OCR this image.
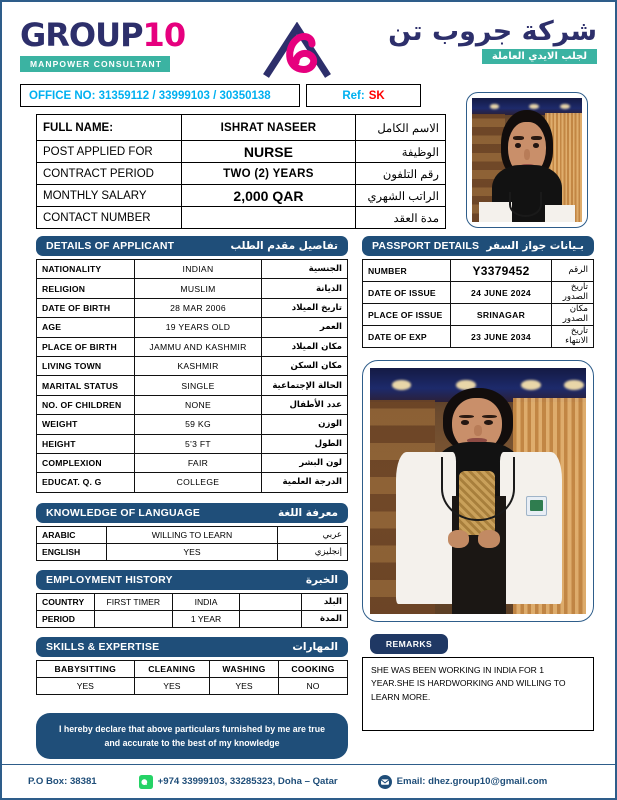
GROUP10
MANPOWER CONSULTANT
شركة جروب تن
لجلب الايدي العاملة
OFFICE NO: 31359112 / 33999103 / 30350138	Ref: SK
FULL NAME:	ISHRAT NASEER	الاسم الكامل
POST APPLIED FOR	NURSE	الوظيفة
CONTRACT PERIOD	TWO (2) YEARS	رقم التلفون
MONTHLY SALARY	2,000 QAR	الراتب الشهري
CONTACT NUMBER		مدة العقد
DETAILS OF APPLICANT	تفاصيل مقدم الطلب
NATIONALITY	INDIAN	الجنسية
RELIGION	MUSLIM	الديانة
DATE OF BIRTH	28 MAR 2006	تاريخ الميلاد
AGE	19 YEARS OLD	العمر
PLACE OF BIRTH	JAMMU AND KASHMIR	مكان الميلاد
LIVING TOWN	KASHMIR	مكان السكن
MARITAL STATUS	SINGLE	الحالة الإجتماعية
NO. OF CHILDREN	NONE	عدد الأطفال
WEIGHT	59 KG	الوزن
HEIGHT	5'3 FT	الطول
COMPLEXION	FAIR	لون البشر
EDUCAT. Q. G	COLLEGE	الدرجة العلمية
KNOWLEDGE OF LANGUAGE	معرفة اللغة
ARABIC	WILLING TO LEARN	عربي
ENGLISH	YES	إنجليزي
EMPLOYMENT HISTORY	الخبرة
COUNTRY	FIRST TIMER	INDIA		البلد
PERIOD		1 YEAR		المدة
SKILLS & EXPERTISE	المهارات
BABYSITTING	CLEANING	WASHING	COOKING
YES	YES	YES	NO
I hereby declare that above particulars furnished by me are true and accurate to the best of my knowledge
PASSPORT DETAILS بـيانات جواز السفر
NUMBER	Y3379452	الرقم
DATE OF ISSUE	24 JUNE 2024	تاريخ الصدور
PLACE OF ISSUE	SRINAGAR	مكان الصدور
DATE OF EXP	23 JUNE 2034	تاريخ الانتهاء
REMARKS
SHE WAS BEEN WORKING IN INDIA FOR 1 YEAR.SHE IS HARDWORKING AND WILLING TO LEARN MORE.
P.O Box: 38381	+974 33999103, 33285323, Doha – Qatar	Email: dhez.group10@gmail.com
